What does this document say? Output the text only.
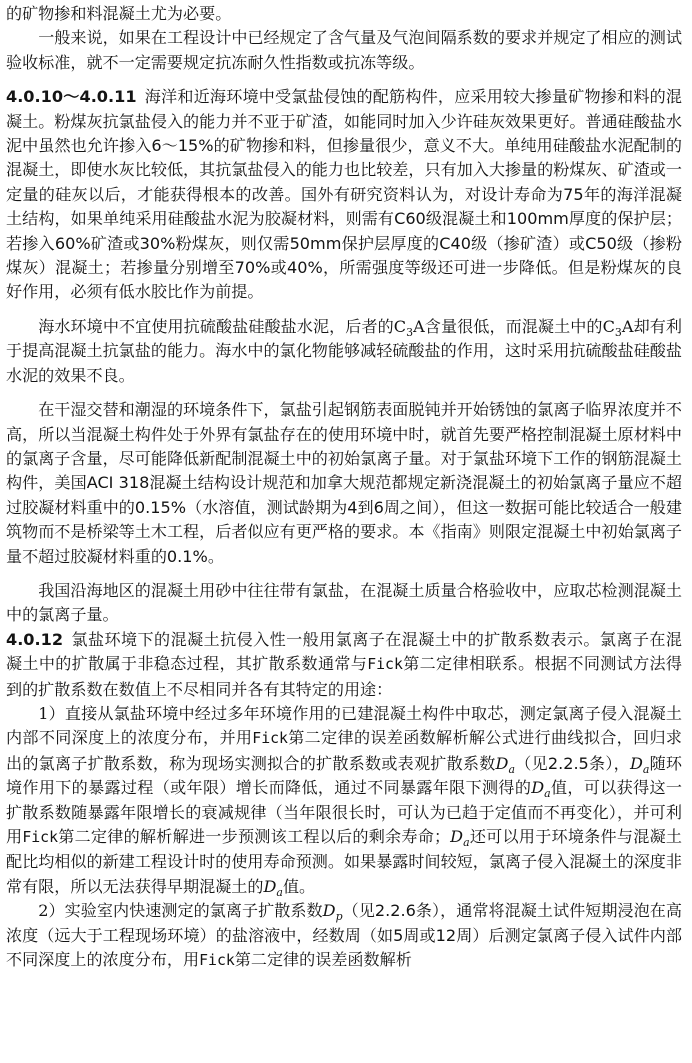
的矿物掺和料混凝土尤为必要。

一般来说，如果在工程设计中已经规定了含气量及气泡间隔系数的要求并规定了相应的测试验收标准，就不一定需要规定抗冻耐久性指数或抗冻等级。

4.0.10～4.0.11 海洋和近海环境中受氯盐侵蚀的配筋构件，应采用较大掺量矿物掺和料的混凝土。粉煤灰抗氯盐侵入的能力并不亚于矿渣，如能同时加入少许硅灰效果更好。普通硅酸盐水泥中虽然也允许掺入6～15%的矿物掺和料，但掺量很少，意义不大。单纯用硅酸盐水泥配制的混凝土，即使水灰比较低，其抗氯盐侵入的能力也比较差，只有加入大掺量的粉煤灰、矿渣或一定量的硅灰以后，才能获得根本的改善。国外有研究资料认为，对设计寿命为75年的海洋混凝土结构，如果单纯采用硅酸盐水泥为胶凝材料，则需有C60级混凝土和100mm厚度的保护层；若掺入60%矿渣或30%粉煤灰，则仅需50mm保护层厚度的C40级（掺矿渣）或C50级（掺粉煤灰）混凝土；若掺量分别增至70%或40%，所需强度等级还可进一步降低。但是粉煤灰的良好作用，必须有低水胶比作为前提。

海水环境中不宜使用抗硫酸盐硅酸盐水泥，后者的$C_3A$含量很低，而混凝土中的$C_3A$却有利于提高混凝土抗氯盐的能力。海水中的氯化物能够减轻硫酸盐的作用，这时采用抗硫酸盐硅酸盐水泥的效果不良。

在干湿交替和潮湿的环境条件下，氯盐引起钢筋表面脱钝并开始锈蚀的氯离子临界浓度并不高，所以当混凝土构件处于外界有氯盐存在的使用环境中时，就首先要严格控制混凝土原材料中的氯离子含量，尽可能降低新配制混凝土中的初始氯离子量。对于氯盐环境下工作的钢筋混凝土构件，美国ACI 318混凝土结构设计规范和加拿大规范都规定新浇混凝土的初始氯离子量应不超过胶凝材料重中的0.15%（水溶值，测试龄期为4到6周之间），但这一数据可能比较适合一般建筑物而不是桥梁等土木工程，后者似应有更严格的要求。本《指南》则限定混凝土中初始氯离子量不超过胶凝材料重的0.1%。

我国沿海地区的混凝土用砂中往往带有氯盐，在混凝土质量合格验收中，应取芯检测混凝土中的氯离子量。

4.0.12 氯盐环境下的混凝土抗侵入性一般用氯离子在混凝土中的扩散系数表示。氯离子在混凝土中的扩散属于非稳态过程，其扩散系数通常与Fick第二定律相联系。根据不同测试方法得到的扩散系数在数值上不尽相同并各有其特定的用途：

1）直接从氯盐环境中经过多年环境作用的已建混凝土构件中取芯，测定氯离子侵入混凝土内部不同深度上的浓度分布，并用Fick第二定律的误差函数解析解公式进行曲线拟合，回归求出的氯离子扩散系数，称为现场实测拟合的扩散系数或表观扩散系数$D_a$（见2.2.5条），$D_a$随环境作用下的暴露过程（或年限）增长而降低，通过不同暴露年限下测得的$D_a$值，可以获得这一扩散系数随暴露年限增长的衰减规律（当年限很长时，可认为已趋于定值而不再变化），并可利用Fick第二定律的解析解进一步预测该工程以后的剩余寿命；$D_a$还可以用于环境条件与混凝土配比均相似的新建工程设计时的使用寿命预测。如果暴露时间较短，氯离子侵入混凝土的深度非常有限，所以无法获得早期混凝土的$D_a$值。

2）实验室内快速测定的氯离子扩散系数$D_p$（见2.2.6条），通常将混凝土试件短期浸泡在高浓度（远大于工程现场环境）的盐溶液中，经数周（如5周或12周）后测定氯离子侵入试件内部不同深度上的浓度分布，用Fick第二定律的误差函数解析
